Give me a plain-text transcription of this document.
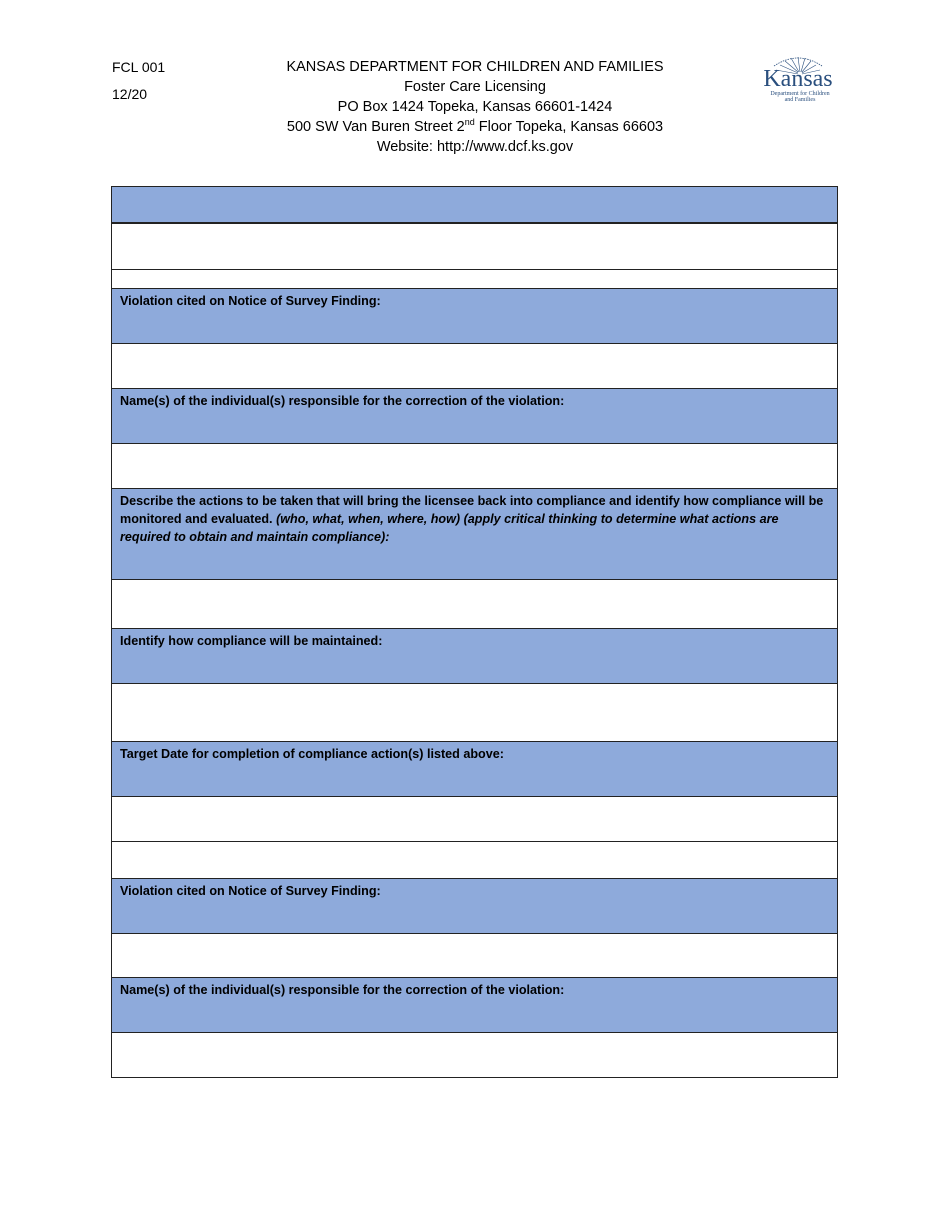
FCL 001
12/20
KANSAS DEPARTMENT FOR CHILDREN AND FAMILIES
Foster Care Licensing
PO Box 1424 Topeka, Kansas 66601-1424
500 SW Van Buren Street 2nd Floor Topeka, Kansas 66603
Website: http://www.dcf.ks.gov
Kansas
Department for Children
and Families
Violation cited on Notice of Survey Finding:
Name(s) of the individual(s) responsible for the correction of the violation:
Describe the actions to be taken that will bring the licensee back into compliance and identify how compliance will be monitored and evaluated. (who, what, when, where, how) (apply critical thinking to determine what actions are required to obtain and maintain compliance):
Identify how compliance will be maintained:
Target Date for completion of compliance action(s) listed above:
Violation cited on Notice of Survey Finding:
Name(s) of the individual(s) responsible for the correction of the violation:
